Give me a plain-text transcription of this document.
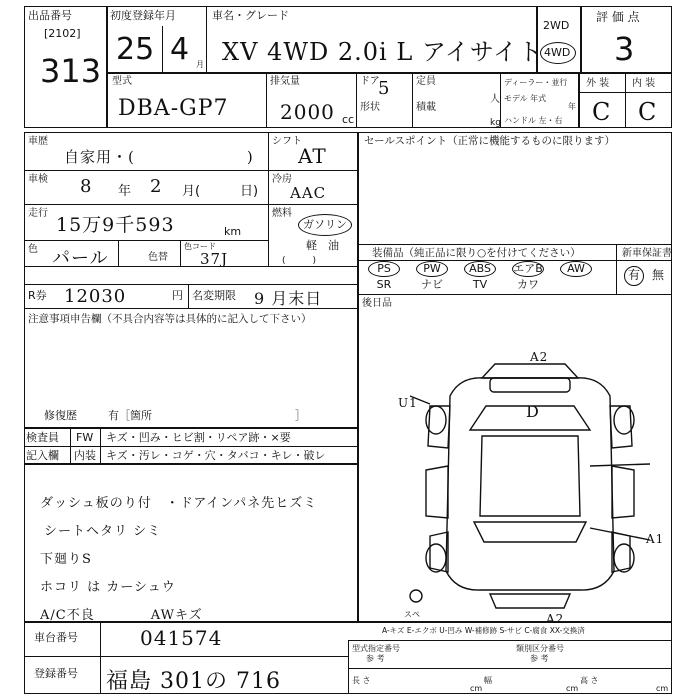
出品番号
[2102]
313
初度登録年月
25 4 月
車名・グレード
XV 4WD 2.0i L アイサイト
2WD
4WD
評 価 点
3
型式
DBA-GP7
排気量
2000 cc
ドア
5
形状
定員
人
積載
kg
ディーラー・並行
モデル 年式
年
ハンドル 左・右
外 装 内 装
C C
車歴
自家用・(　　　　　　　)
車検 8 年 2 月(	日)
走行
15万9千593	km
色 パール	色替
色コード
37J
シフト
AT
冷房
AAC
燃料
ガソリン
軽　油
(　　　)
R券 12030	円 名変期限 9 月末日
注意事項申告欄（不具合内容等は具体的に記入して下さい）
修復歴	有［箇所　　　　　　　　　　　　　］
セールスポイント（正常に機能するものに限ります）
装備品（純正品に限り○を付けてください）	新車保証書
PS	PW	ABS	エアB	AW
SR	ナビ	TV	カワ
有 無
後日品
検査員
記入欄
FW キズ・凹み・ヒビ割・リペア跡・×要
内装 キズ・汚レ・コゲ・穴・タバコ・キレ・破レ
ダッシュ板のり付　・ドアインパネ先ヒズミ
シートヘタリ シミ
下廻りS
ホコリ は カーシュウ
A/C不良　　　　AWキズ
A2
U1	D
A1
A2
スペ
A-キズ E-エクボ U-凹み W-補修跡 S-サビ C-腐食 XX-交換済
車台番号	041574
登録番号 福島 301の 716
型式指定番号
参 考
類別区分番号
参 考
長 さ
cm
幅
cm
高 さ
cm
